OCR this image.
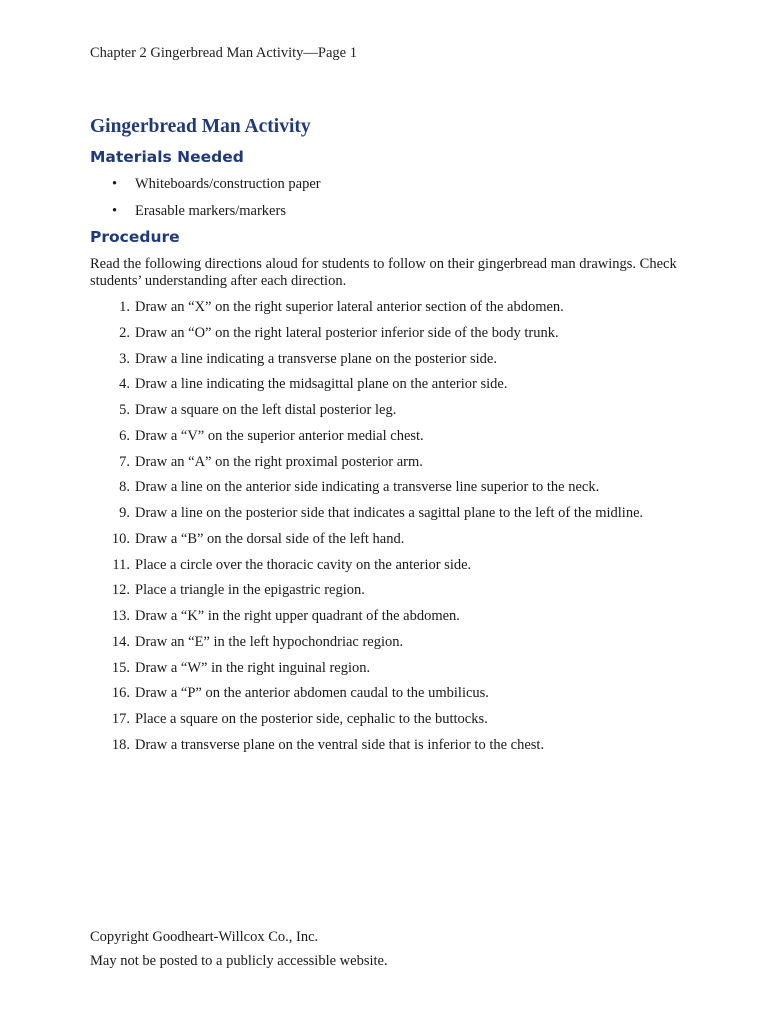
Chapter 2 Gingerbread Man Activity—Page 1
Gingerbread Man Activity
Materials Needed
•	Whiteboards/construction paper
•	Erasable markers/markers
Procedure
Read the following directions aloud for students to follow on their gingerbread man drawings. Check students’ understanding after each direction.
1. Draw an “X” on the right superior lateral anterior section of the abdomen.
2. Draw an “O” on the right lateral posterior inferior side of the body trunk.
3. Draw a line indicating a transverse plane on the posterior side.
4. Draw a line indicating the midsagittal plane on the anterior side.
5. Draw a square on the left distal posterior leg.
6. Draw a “V” on the superior anterior medial chest.
7. Draw an “A” on the right proximal posterior arm.
8. Draw a line on the anterior side indicating a transverse line superior to the neck.
9. Draw a line on the posterior side that indicates a sagittal plane to the left of the midline.
10. Draw a “B” on the dorsal side of the left hand.
11. Place a circle over the thoracic cavity on the anterior side.
12. Place a triangle in the epigastric region.
13. Draw a “K” in the right upper quadrant of the abdomen.
14. Draw an “E” in the left hypochondriac region.
15. Draw a “W” in the right inguinal region.
16. Draw a “P” on the anterior abdomen caudal to the umbilicus.
17. Place a square on the posterior side, cephalic to the buttocks.
18. Draw a transverse plane on the ventral side that is inferior to the chest.
Copyright Goodheart-Willcox Co., Inc.
May not be posted to a publicly accessible website.
